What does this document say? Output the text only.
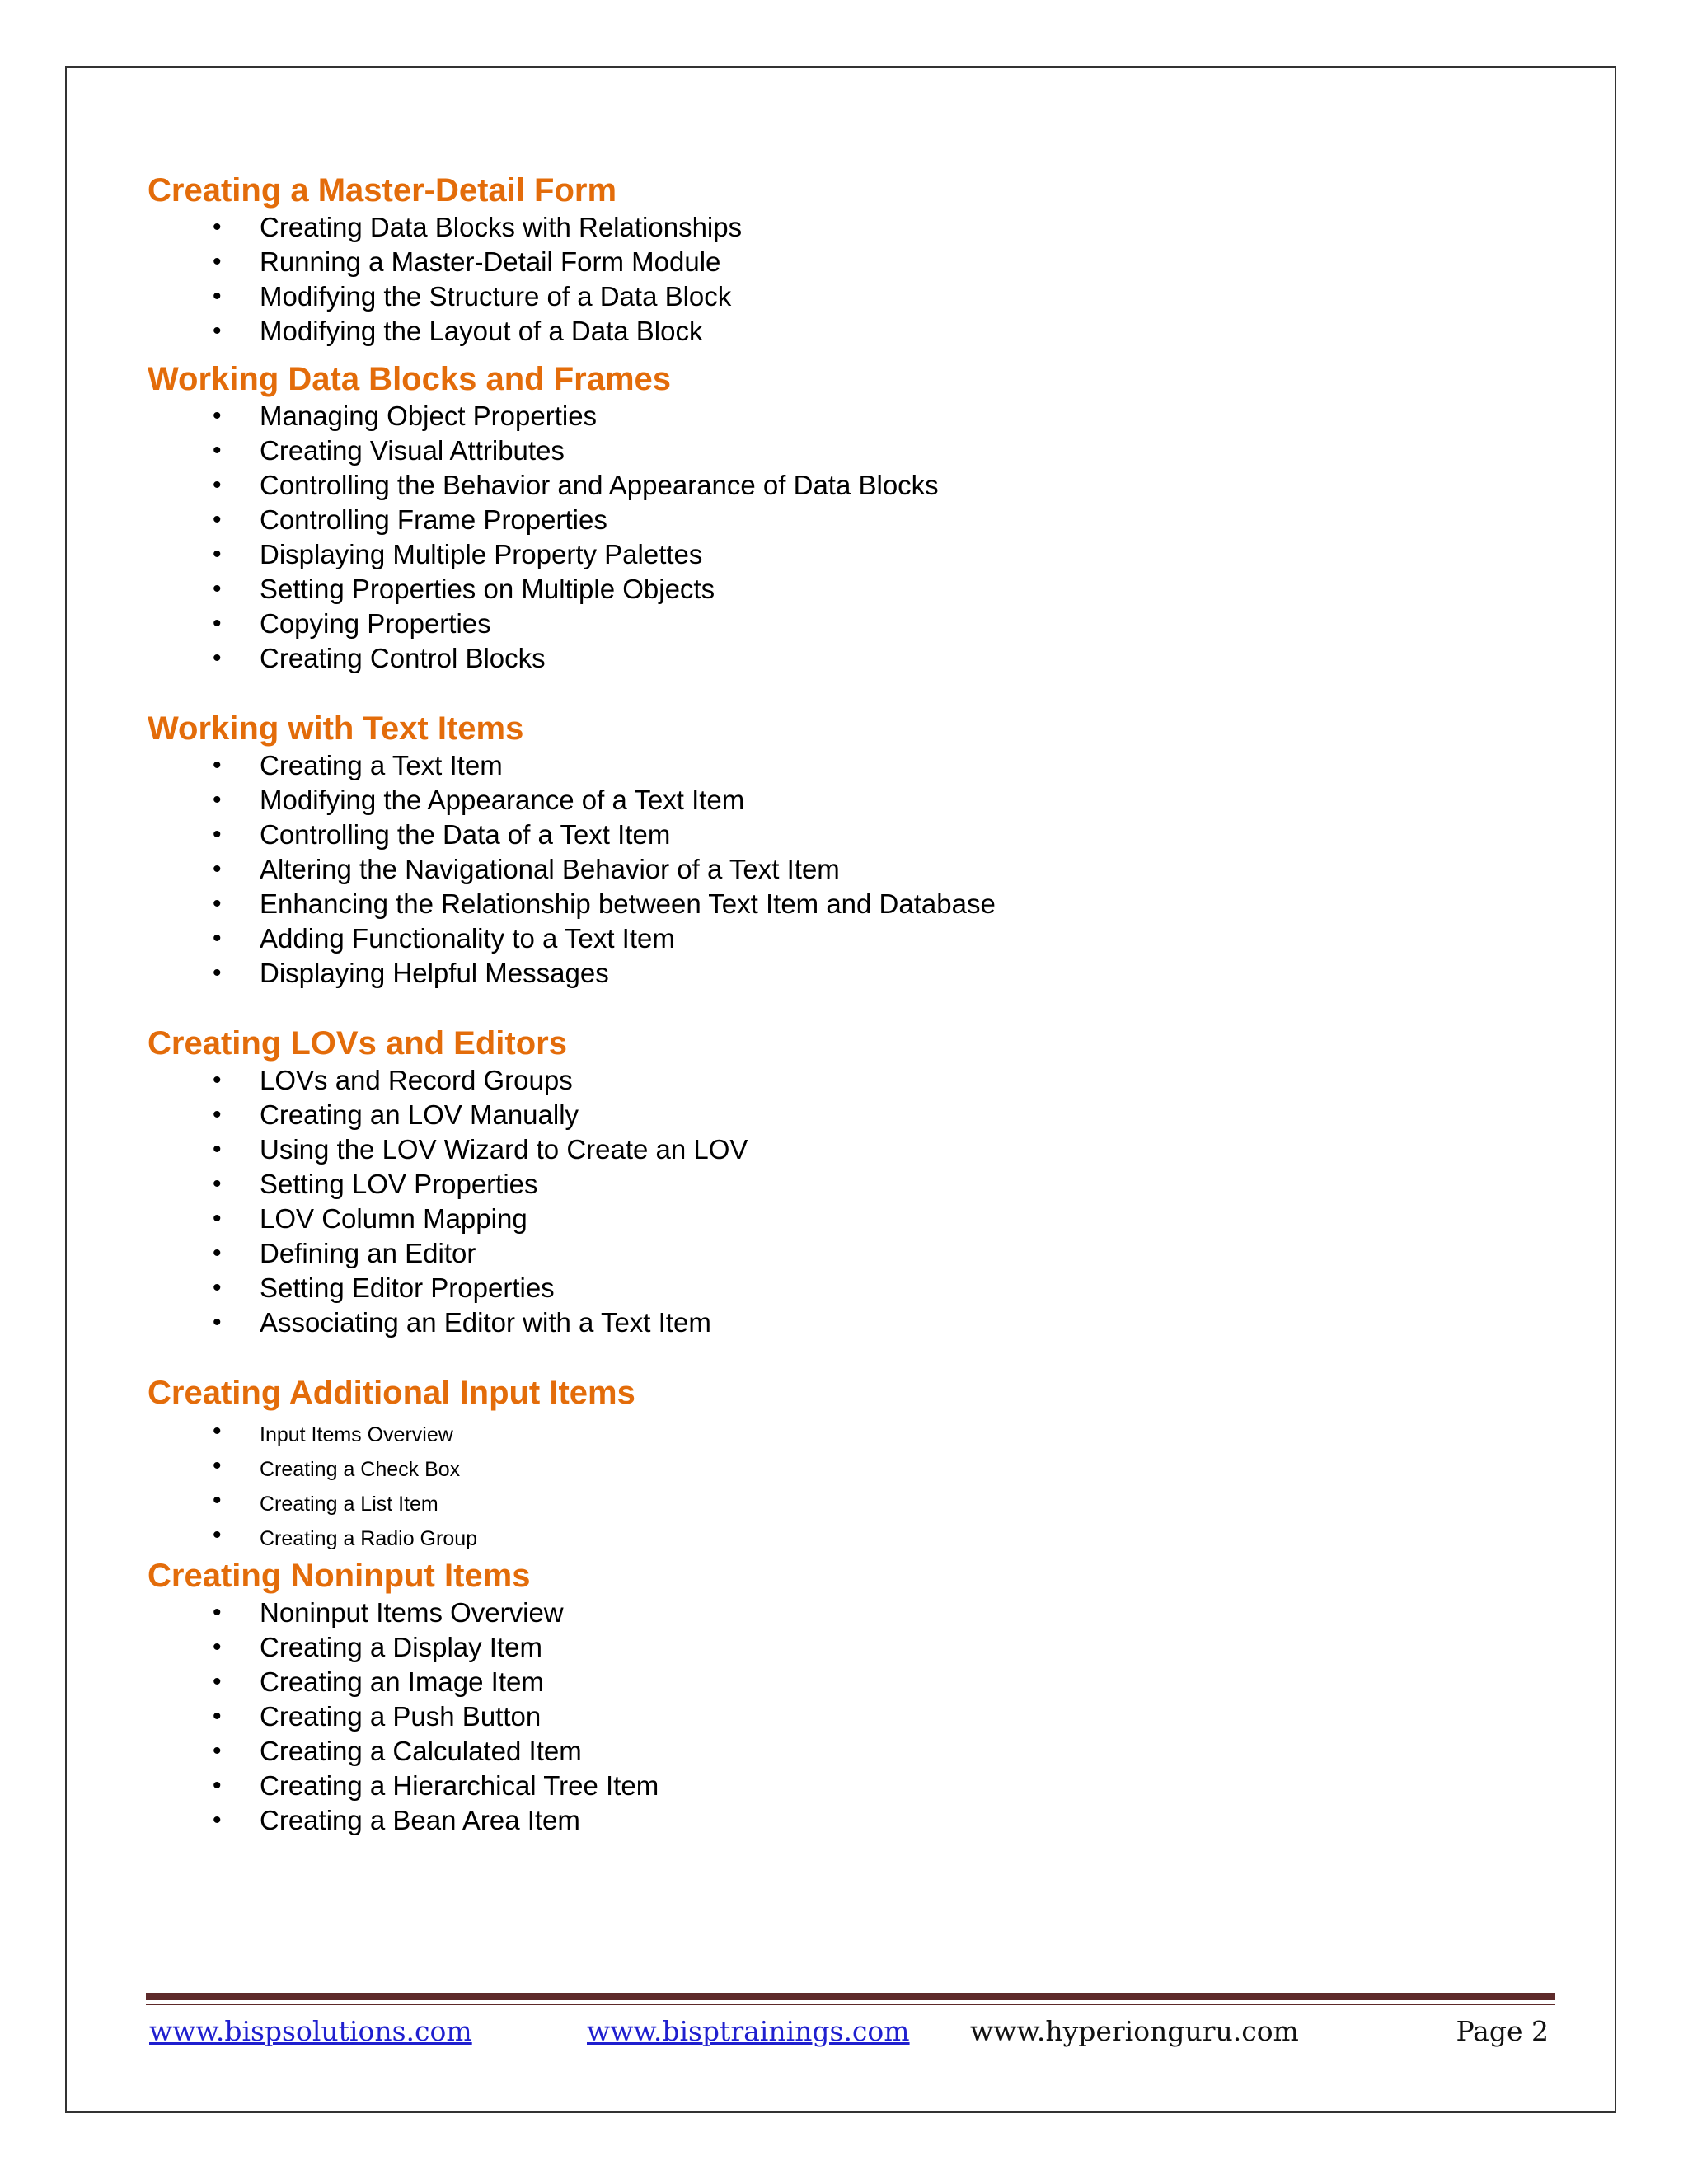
Creating a Master-Detail Form
• Creating Data Blocks with Relationships
• Running a Master-Detail Form Module
• Modifying the Structure of a Data Block
• Modifying the Layout of a Data Block
Working Data Blocks and Frames
• Managing Object Properties
• Creating Visual Attributes
• Controlling the Behavior and Appearance of Data Blocks
• Controlling Frame Properties
• Displaying Multiple Property Palettes
• Setting Properties on Multiple Objects
• Copying Properties
• Creating Control Blocks
Working with Text Items
• Creating a Text Item
• Modifying the Appearance of a Text Item
• Controlling the Data of a Text Item
• Altering the Navigational Behavior of a Text Item
• Enhancing the Relationship between Text Item and Database
• Adding Functionality to a Text Item
• Displaying Helpful Messages
Creating LOVs and Editors
• LOVs and Record Groups
• Creating an LOV Manually
• Using the LOV Wizard to Create an LOV
• Setting LOV Properties
• LOV Column Mapping
• Defining an Editor
• Setting Editor Properties
• Associating an Editor with a Text Item
Creating Additional Input Items
• Input Items Overview
• Creating a Check Box
• Creating a List Item
• Creating a Radio Group
Creating Noninput Items
• Noninput Items Overview
• Creating a Display Item
• Creating an Image Item
• Creating a Push Button
• Creating a Calculated Item
• Creating a Hierarchical Tree Item
• Creating a Bean Area Item
www.bispsolutions.com	www.bisptrainings.com www.hyperionguru.com	Page 2
